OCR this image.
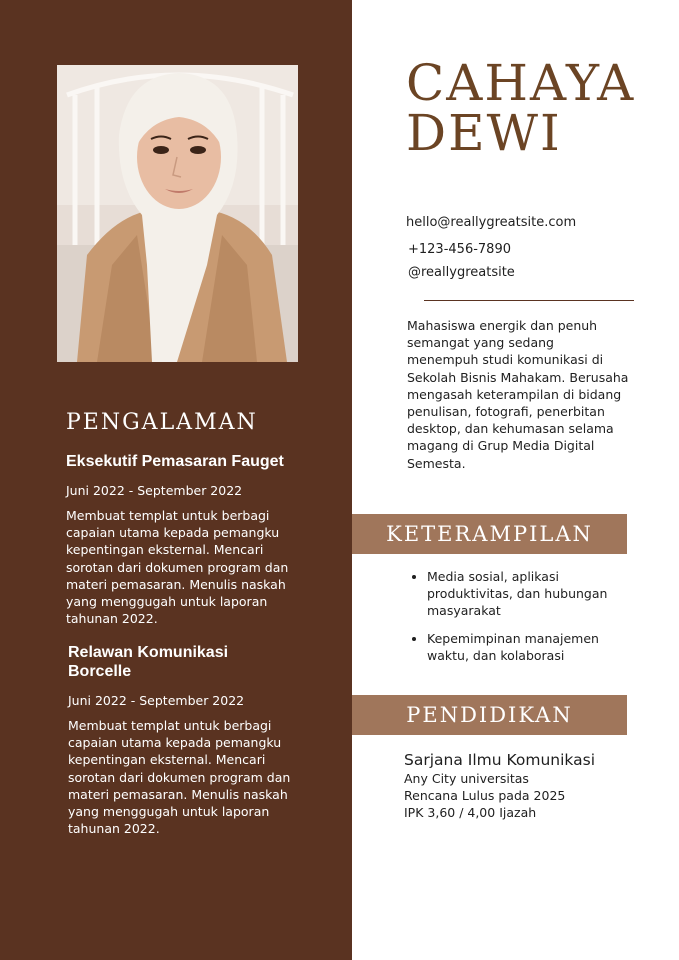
PENGALAMAN

Eksekutif Pemasaran Fauget

Juni 2022 - September 2022

Membuat templat untuk berbagi capaian utama kepada pemangku kepentingan eksternal. Mencari sorotan dari dokumen program dan materi pemasaran. Menulis naskah yang menggugah untuk laporan tahunan 2022.

Relawan Komunikasi Borcelle

Juni 2022 - September 2022

Membuat templat untuk berbagi capaian utama kepada pemangku kepentingan eksternal. Mencari sorotan dari dokumen program dan materi pemasaran. Menulis naskah yang menggugah untuk laporan tahunan 2022.

CAHAYA
DEWI
hello@reallygreatsite.com
+123-456-7890
@reallygreatsite

Mahasiswa energik dan penuh semangat yang sedang menempuh studi komunikasi di Sekolah Bisnis Mahakam. Berusaha mengasah keterampilan di bidang penulisan, fotografi, penerbitan desktop, dan kehumasan selama magang di Grup Media Digital Semesta.

KETERAMPILAN
• Media sosial, aplikasi produktivitas, dan hubungan masyarakat
• Kepemimpinan manajemen waktu, dan kolaborasi
PENDIDIKAN

Sarjana Ilmu Komunikasi

Any City universitas

Rencana Lulus pada 2025

IPK 3,60 / 4,00 Ijazah
